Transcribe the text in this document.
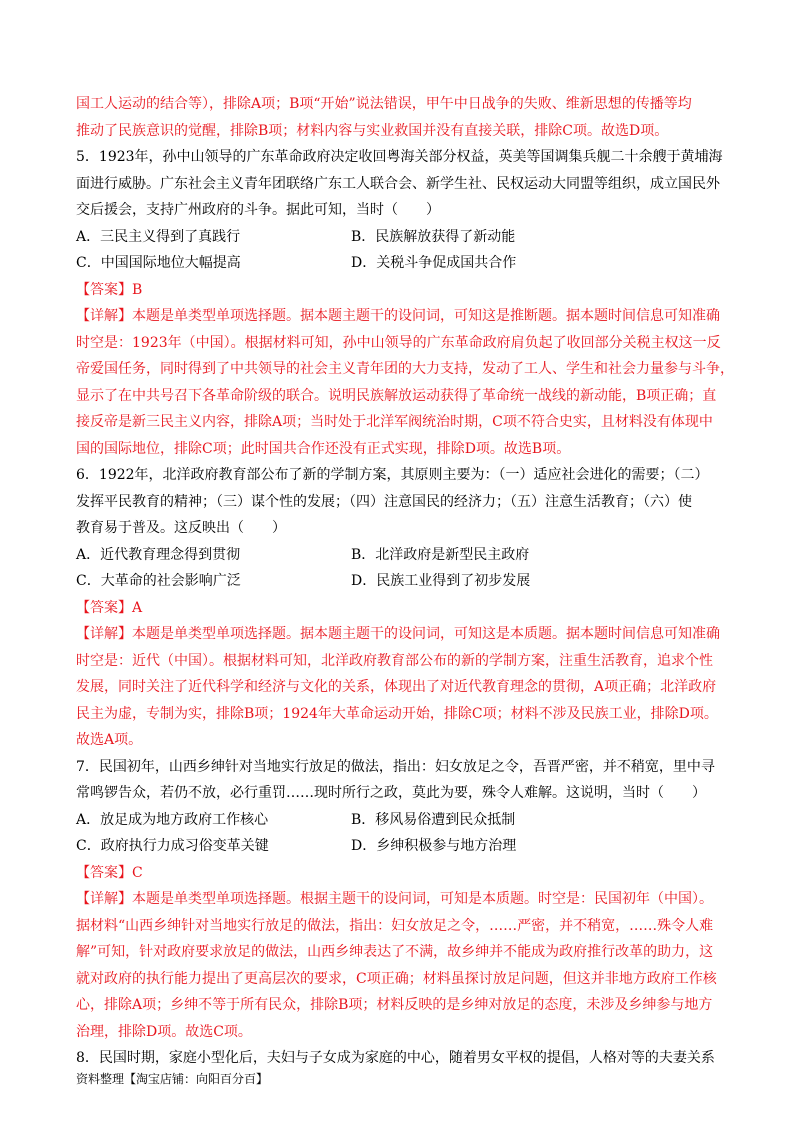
国工人运动的结合等），排除A项；B项“开始”说法错误，甲午中日战争的失败、维新思想的传播等均
推动了民族意识的觉醒，排除B项；材料内容与实业救国并没有直接关联，排除C项。故选D项。
5．1923年，孙中山领导的广东革命政府决定收回粤海关部分权益，英美等国调集兵舰二十余艘于黄埔海
面进行威胁。广东社会主义青年团联络广东工人联合会、新学生社、民权运动大同盟等组织，成立国民外
交后援会，支持广州政府的斗争。据此可知，当时（　　）
A．三民主义得到了真践行	B．民族解放获得了新动能
C．中国国际地位大幅提高	D．关税斗争促成国共合作
【答案】B
【详解】本题是单类型单项选择题。据本题主题干的设问词，可知这是推断题。据本题时间信息可知准确
时空是：1923年（中国）。根据材料可知，孙中山领导的广东革命政府肩负起了收回部分关税主权这一反
帝爱国任务，同时得到了中共领导的社会主义青年团的大力支持，发动了工人、学生和社会力量参与斗争，
显示了在中共号召下各革命阶级的联合。说明民族解放运动获得了革命统一战线的新动能，B项正确；直
接反帝是新三民主义内容，排除A项；当时处于北洋军阀统治时期，C项不符合史实，且材料没有体现中
国的国际地位，排除C项；此时国共合作还没有正式实现，排除D项。故选B项。
6．1922年，北洋政府教育部公布了新的学制方案，其原则主要为：（一）适应社会进化的需要；（二）
发挥平民教育的精神；（三）谋个性的发展；（四）注意国民的经济力；（五）注意生活教育；（六）使
教育易于普及。这反映出（　　）
A．近代教育理念得到贯彻	B．北洋政府是新型民主政府
C．大革命的社会影响广泛	D．民族工业得到了初步发展
【答案】A
【详解】本题是单类型单项选择题。据本题主题干的设问词，可知这是本质题。据本题时间信息可知准确
时空是：近代（中国）。根据材料可知，北洋政府教育部公布的新的学制方案，注重生活教育，追求个性
发展，同时关注了近代科学和经济与文化的关系，体现出了对近代教育理念的贯彻，A项正确；北洋政府
民主为虚，专制为实，排除B项；1924年大革命运动开始，排除C项；材料不涉及民族工业，排除D项。
故选A项。
7．民国初年，山西乡绅针对当地实行放足的做法，指出：妇女放足之令，吾晋严密，并不稍宽，里中寻
常鸣锣告众，若仍不放，必行重罚……现时所行之政，莫此为要，殊令人难解。这说明，当时（　　）
A．放足成为地方政府工作核心	B．移风易俗遭到民众抵制
C．政府执行力成习俗变革关键	D．乡绅积极参与地方治理
【答案】C
【详解】本题是单类型单项选择题。根据主题干的设问词，可知是本质题。时空是：民国初年（中国）。
据材料“山西乡绅针对当地实行放足的做法，指出：妇女放足之令，……严密，并不稍宽，……殊令人难
解”可知，针对政府要求放足的做法，山西乡绅表达了不满，故乡绅并不能成为政府推行改革的助力，这
就对政府的执行能力提出了更高层次的要求，C项正确；材料虽探讨放足问题，但这并非地方政府工作核
心，排除A项；乡绅不等于所有民众，排除B项；材料反映的是乡绅对放足的态度，未涉及乡绅参与地方
治理，排除D项。故选C项。
8．民国时期，家庭小型化后，夫妇与子女成为家庭的中心，随着男女平权的提倡，人格对等的夫妻关系
资料整理【淘宝店铺：向阳百分百】
